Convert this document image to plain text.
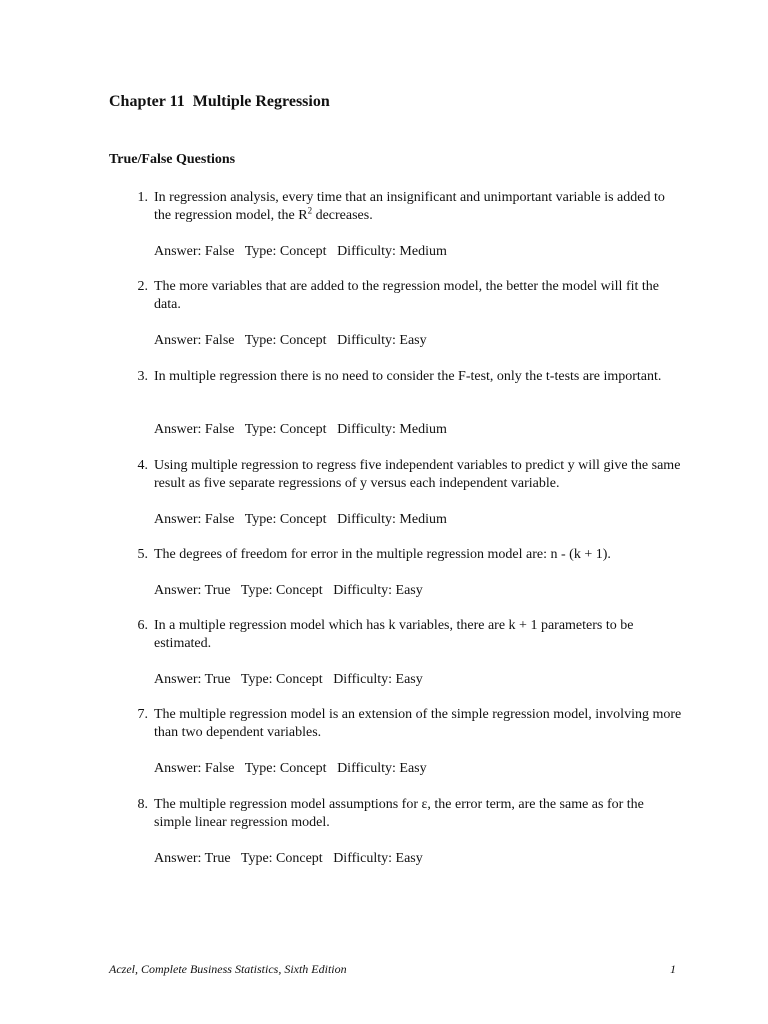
Chapter 11  Multiple Regression
True/False Questions
1. In regression analysis, every time that an insignificant and unimportant variable is added to the regression model, the $R^2$ decreases.
Answer: False   Type: Concept   Difficulty: Medium
2. The more variables that are added to the regression model, the better the model will fit the data.
Answer: False   Type: Concept   Difficulty: Easy
3. In multiple regression there is no need to consider the F-test, only the t-tests are important.
Answer: False   Type: Concept   Difficulty: Medium
4. Using multiple regression to regress five independent variables to predict y will give the same result as five separate regressions of y versus each independent variable.
Answer: False   Type: Concept   Difficulty: Medium
5. The degrees of freedom for error in the multiple regression model are: n - (k + 1).
Answer: True   Type: Concept   Difficulty: Easy
6. In a multiple regression model which has k variables, there are k + 1 parameters to be estimated.
Answer: True   Type: Concept   Difficulty: Easy
7. The multiple regression model is an extension of the simple regression model, involving more than two dependent variables.
Answer: False   Type: Concept   Difficulty: Easy
8. The multiple regression model assumptions for ε, the error term, are the same as for the simple linear regression model.
Answer: True   Type: Concept   Difficulty: Easy
Aczel, Complete Business Statistics, Sixth Edition	1
